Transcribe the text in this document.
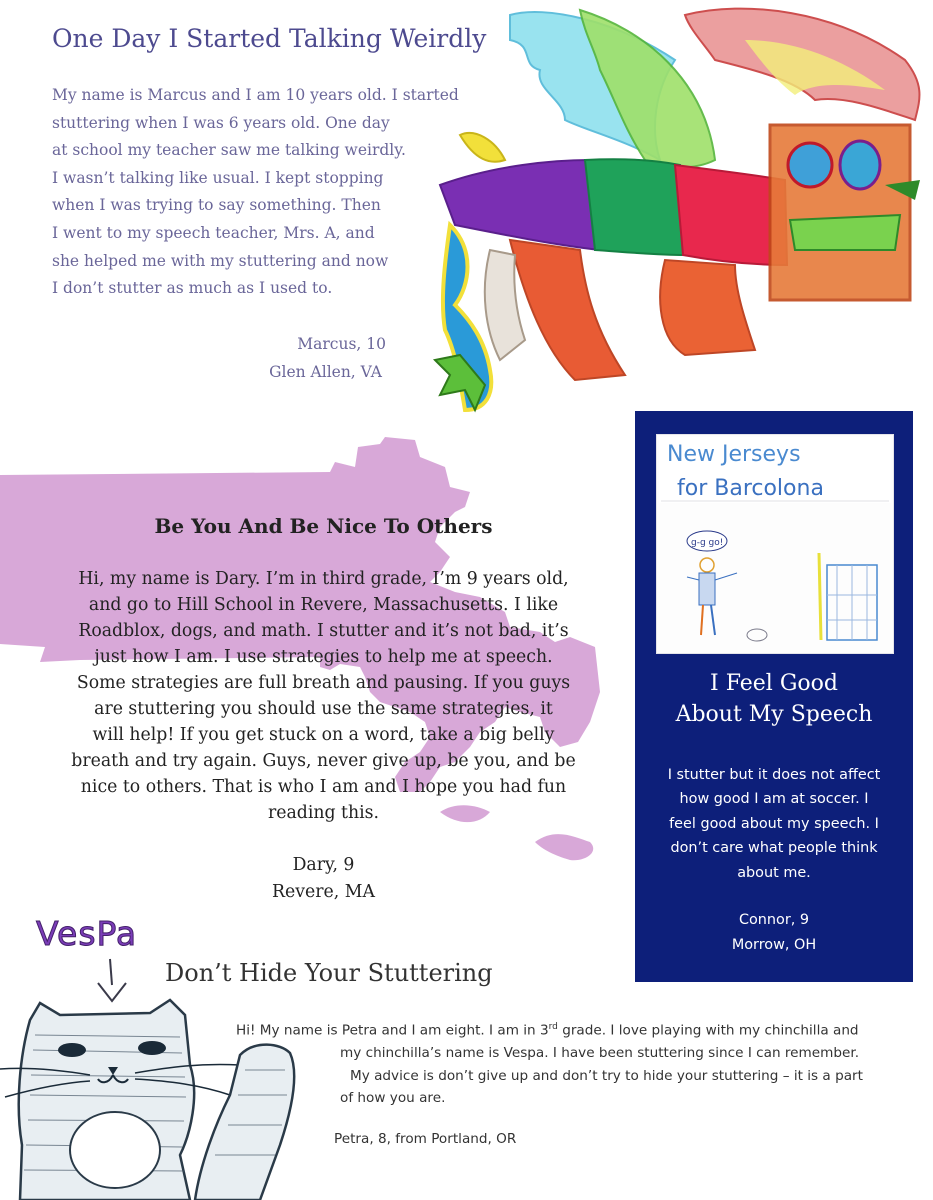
One Day I Started Talking Weirdly
My name is Marcus and I am 10 years old. I started
stuttering when I was 6 years old. One day
at school my teacher saw me talking weirdly.
I wasn’t talking like usual. I kept stopping
when I was trying to say something. Then
I went to my speech teacher, Mrs. A, and
she helped me with my stuttering and now
I don’t stutter as much as I used to.
Marcus, 10
Glen Allen, VA
Be You And Be Nice To Others
Hi, my name is Dary. I’m in third grade, I’m 9 years old,
and go to Hill School in Revere, Massachusetts. I like
Roadblox, dogs, and math. I stutter and it’s not bad, it’s
just how I am. I use strategies to help me at speech.
Some strategies are full breath and pausing. If you guys
are stuttering you should use the same strategies, it
will help! If you get stuck on a word, take a big belly
breath and try again. Guys, never give up, be you, and be
nice to others. That is who I am and I hope you had fun
reading this.
Dary, 9
Revere, MA
New Jerseys
for Barcolona
g-g go!
I Feel Good
About My Speech
I stutter but it does not affect
how good I am at soccer. I
feel good about my speech. I
don’t care what people think
about me.
Connor, 9
Morrow, OH
VesPa
Don’t Hide Your Stuttering
Hi! My name is Petra and I am eight. I am in 3rd grade. I love playing with my chinchilla and
my chinchilla’s name is Vespa. I have been stuttering since I can remember.
My advice is don’t give up and don’t try to hide your stuttering – it is a part
of how you are.
Petra, 8, from Portland, OR
